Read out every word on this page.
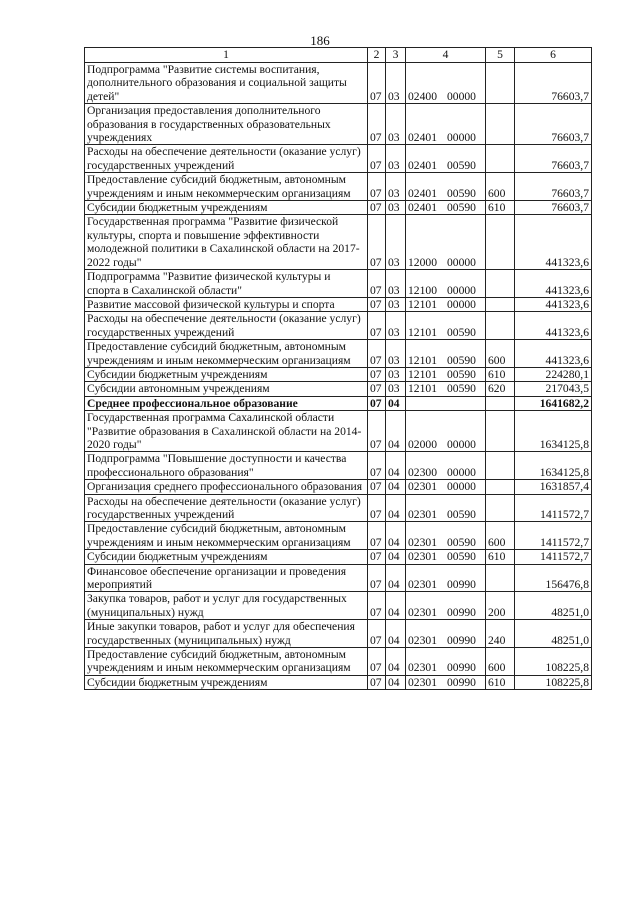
186
1	2	3	4	5	6
Подпрограмма "Развитие системы воспитания, дополнительного образования и социальной защиты детей"	07	03	02400 00000		76603,7
Организация предоставления дополнительного образования в государственных образовательных учреждениях	07	03	02401 00000		76603,7
Расходы на обеспечение деятельности (оказание услуг) государственных учреждений	07	03	02401 00590		76603,7
Предоставление субсидий бюджетным, автономным учреждениям и иным некоммерческим организациям	07	03	02401 00590	600	76603,7
Субсидии бюджетным учреждениям	07	03	02401 00590	610	76603,7
Государственная программа "Развитие физической культуры, спорта и повышение эффективности молодежной политики в Сахалинской области на 2017-2022 годы"	07	03	12000 00000		441323,6
Подпрограмма "Развитие физической культуры и спорта в Сахалинской области"	07	03	12100 00000		441323,6
Развитие массовой физической культуры и спорта	07	03	12101 00000		441323,6
Расходы на обеспечение деятельности (оказание услуг) государственных учреждений	07	03	12101 00590		441323,6
Предоставление субсидий бюджетным, автономным учреждениям и иным некоммерческим организациям	07	03	12101 00590	600	441323,6
Субсидии бюджетным учреждениям	07	03	12101 00590	610	224280,1
Субсидии автономным учреждениям	07	03	12101 00590	620	217043,5
Среднее профессиональное образование	07	04			1641682,2
Государственная программа Сахалинской области "Развитие образования в Сахалинской области на 2014-2020 годы"	07	04	02000 00000		1634125,8
Подпрограмма "Повышение доступности и качества профессионального образования"	07	04	02300 00000		1634125,8
Организация среднего профессионального образования	07	04	02301 00000		1631857,4
Расходы на обеспечение деятельности (оказание услуг) государственных учреждений	07	04	02301 00590		1411572,7
Предоставление субсидий бюджетным, автономным учреждениям и иным некоммерческим организациям	07	04	02301 00590	600	1411572,7
Субсидии бюджетным учреждениям	07	04	02301 00590	610	1411572,7
Финансовое обеспечение организации и проведения мероприятий	07	04	02301 00990		156476,8
Закупка товаров, работ и услуг для государственных (муниципальных) нужд	07	04	02301 00990	200	48251,0
Иные закупки товаров, работ и услуг для обеспечения государственных (муниципальных) нужд	07	04	02301 00990	240	48251,0
Предоставление субсидий бюджетным, автономным учреждениям и иным некоммерческим организациям	07	04	02301 00990	600	108225,8
Субсидии бюджетным учреждениям	07	04	02301 00990	610	108225,8
